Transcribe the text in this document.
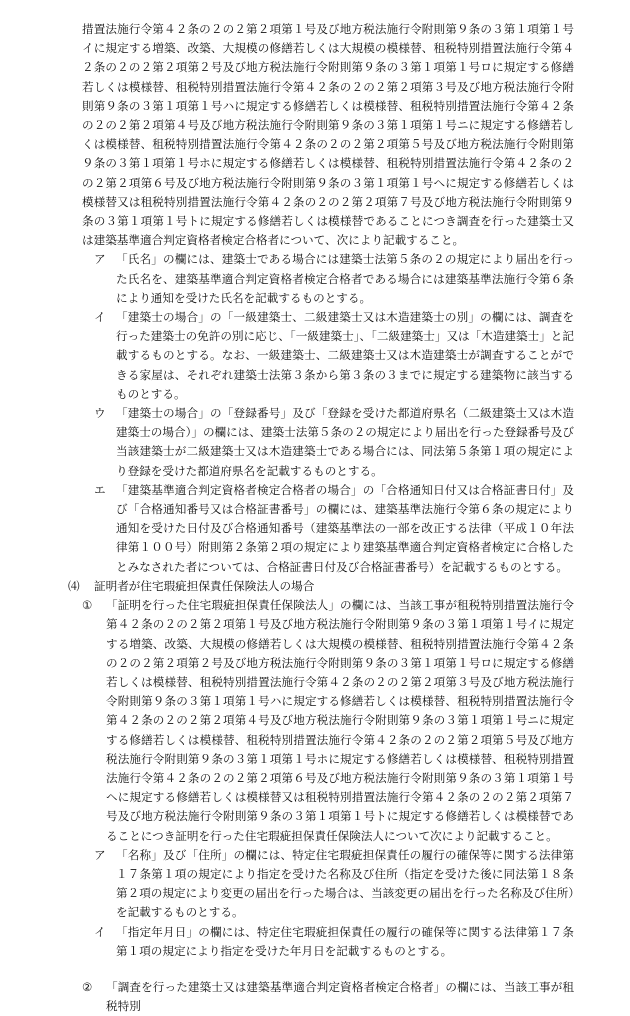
措置法施行令第４２条の２の２第２項第１号及び地方税法施行令附則第９条の３第１項第１号イに規定する増築、改築、大規模の修繕若しくは大規模の模様替、租税特別措置法施行令第４２条の２の２第２項第２号及び地方税法施行令附則第９条の３第１項第１号ロに規定する修繕若しくは模様替、租税特別措置法施行令第４２条の２の２第２項第３号及び地方税法施行令附則第９条の３第１項第１号ハに規定する修繕若しくは模様替、租税特別措置法施行令第４２条の２の２第２項第４号及び地方税法施行令附則第９条の３第１項第１号ニに規定する修繕若しくは模様替、租税特別措置法施行令第４２条の２の２第２項第５号及び地方税法施行令附則第９条の３第１項第１号ホに規定する修繕若しくは模様替、租税特別措置法施行令第４２条の２の２第２項第６号及び地方税法施行令附則第９条の３第１項第１号へに規定する修繕若しくは模様替又は租税特別措置法施行令第４２条の２の２第２項第７号及び地方税法施行令附則第９条の３第１項第１号トに規定する修繕若しくは模様替であることにつき調査を行った建築士又は建築基準適合判定資格者検定合格者について、次により記載すること。

ア 「氏名」の欄には、建築士である場合には建築士法第５条の２の規定により届出を行った氏名を、建築基準適合判定資格者検定合格者である場合には建築基準法施行令第６条により通知を受けた氏名を記載するものとする。

イ 「建築士の場合」の「一級建築士、二級建築士又は木造建築士の別」の欄には、調査を行った建築士の免許の別に応じ、「一級建築士」、「二級建築士」又は「木造建築士」と記載するものとする。なお、一級建築士、二級建築士又は木造建築士が調査することができる家屋は、それぞれ建築士法第３条から第３条の３までに規定する建築物に該当するものとする。

ウ 「建築士の場合」の「登録番号」及び「登録を受けた都道府県名（二級建築士又は木造建築士の場合）」の欄には、建築士法第５条の２の規定により届出を行った登録番号及び当該建築士が二級建築士又は木造建築士である場合には、同法第５条第１項の規定により登録を受けた都道府県名を記載するものとする。

エ 「建築基準適合判定資格者検定合格者の場合」の「合格通知日付又は合格証書日付」及び「合格通知番号又は合格証書番号」の欄には、建築基準法施行令第６条の規定により通知を受けた日付及び合格通知番号（建築基準法の一部を改正する法律（平成１０年法律第１００号）附則第２条第２項の規定により建築基準適合判定資格者検定に合格したとみなされた者については、合格証書日付及び合格証書番号）を記載するものとする。

⑷	証明者が住宅瑕疵担保責任保険法人の場合

①	「証明を行った住宅瑕疵担保責任保険法人」の欄には、当該工事が租税特別措置法施行令第４２条の２の２第２項第１号及び地方税法施行令附則第９条の３第１項第１号イに規定する増築、改築、大規模の修繕若しくは大規模の模様替、租税特別措置法施行令第４２条の２の２第２項第２号及び地方税法施行令附則第９条の３第１項第１号ロに規定する修繕若しくは模様替、租税特別措置法施行令第４２条の２の２第２項第３号及び地方税法施行令附則第９条の３第１項第１号ハに規定する修繕若しくは模様替、租税特別措置法施行令第４２条の２の２第２項第４号及び地方税法施行令附則第９条の３第１項第１号ニに規定する修繕若しくは模様替、租税特別措置法施行令第４２条の２の２第２項第５号及び地方税法施行令附則第９条の３第１項第１号ホに規定する修繕若しくは模様替、租税特別措置法施行令第４２条の２の２第２項第６号及び地方税法施行令附則第９条の３第１項第１号ヘに規定する修繕若しくは模様替又は租税特別措置法施行令第４２条の２の２第２項第７号及び地方税法施行令附則第９条の３第１項第１号トに規定する修繕若しくは模様替であることにつき証明を行った住宅瑕疵担保責任保険法人について次により記載すること。

ア 「名称」及び「住所」の欄には、特定住宅瑕疵担保責任の履行の確保等に関する法律第１７条第１項の規定により指定を受けた名称及び住所（指定を受けた後に同法第１８条第２項の規定により変更の届出を行った場合は、当該変更の届出を行った名称及び住所）を記載するものとする。

イ 「指定年月日」の欄には、特定住宅瑕疵担保責任の履行の確保等に関する法律第１７条第１項の規定により指定を受けた年月日を記載するものとする。

②	「調査を行った建築士又は建築基準適合判定資格者検定合格者」の欄には、当該工事が租税特別
